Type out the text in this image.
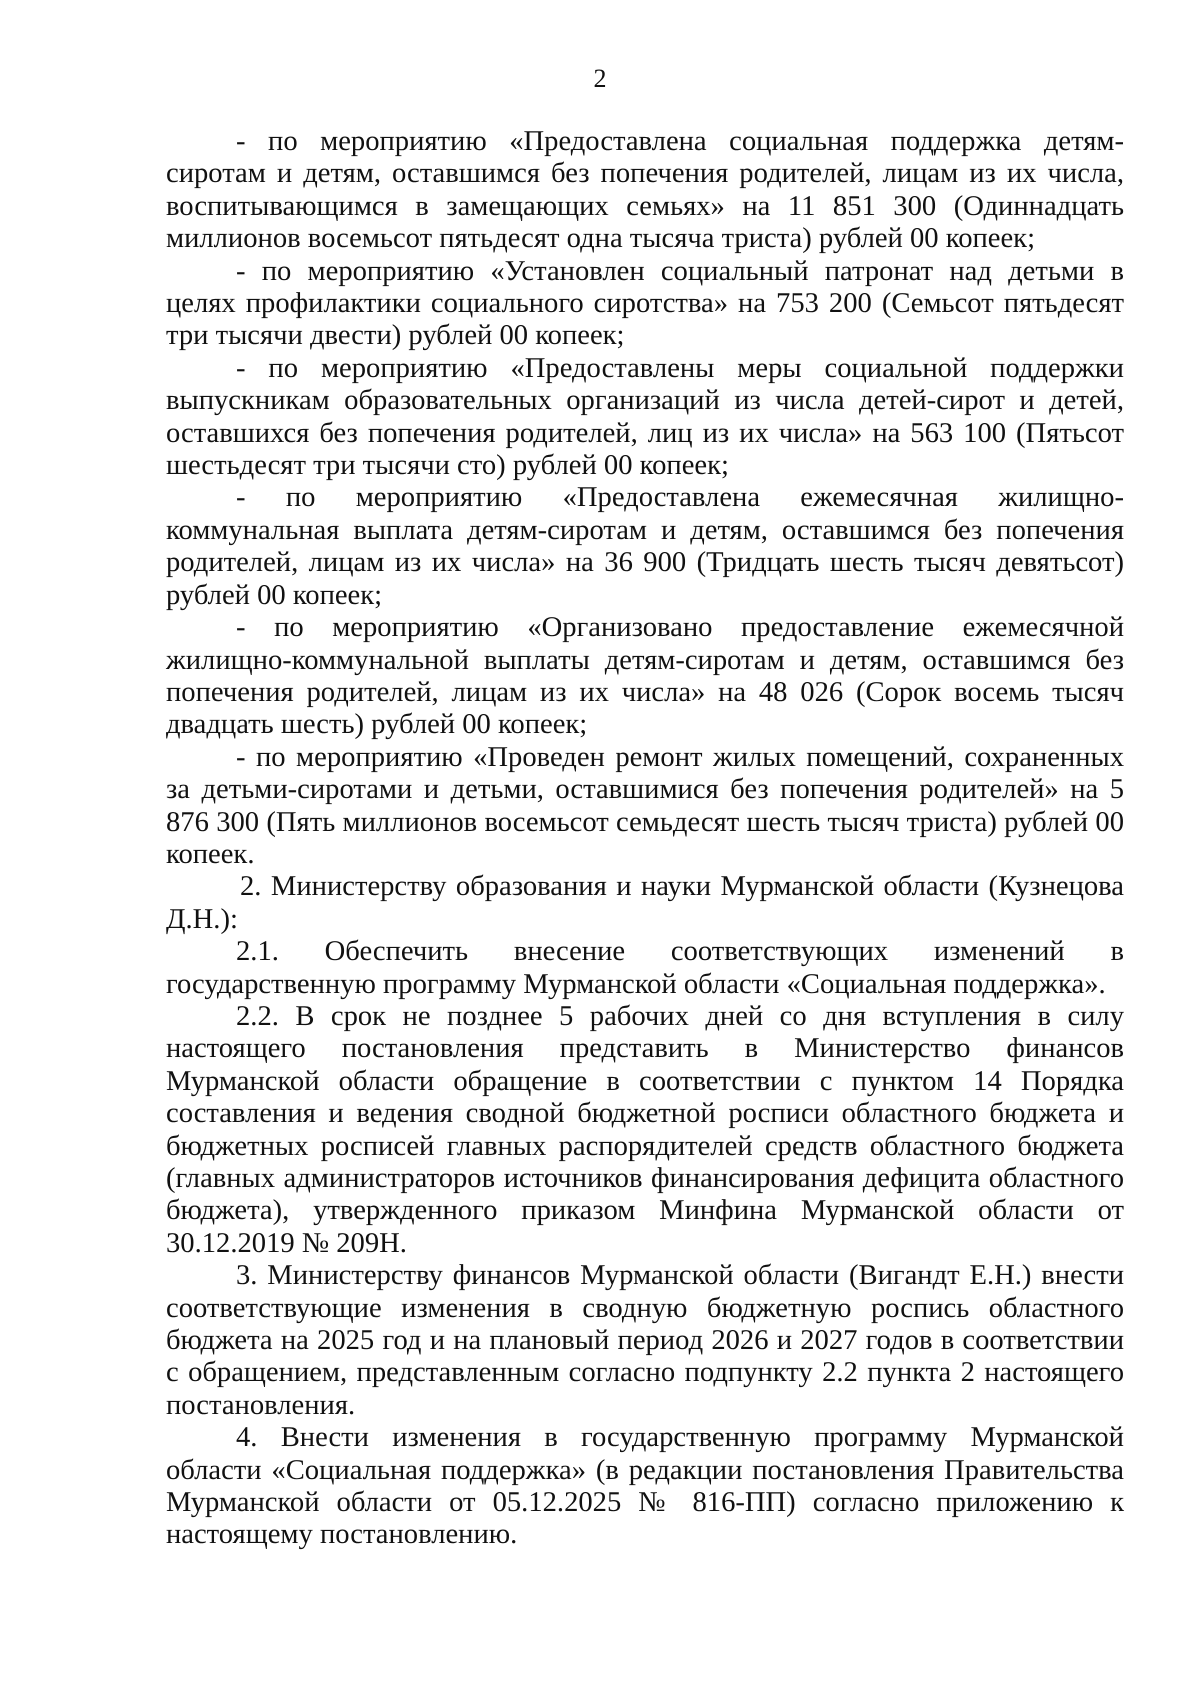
2

- по мероприятию «Предоставлена социальная поддержка детям-сиротам и детям, оставшимся без попечения родителей, лицам из их числа, воспитывающимся в замещающих семьях» на 11 851 300 (Одиннадцать миллионов восемьсот пятьдесят одна тысяча триста) рублей 00 копеек;

- по мероприятию «Установлен социальный патронат над детьми в целях профилактики социального сиротства» на 753 200 (Семьсот пятьдесят три тысячи двести) рублей 00 копеек;

- по мероприятию «Предоставлены меры социальной поддержки выпускникам образовательных организаций из числа детей-сирот и детей, оставшихся без попечения родителей, лиц из их числа» на 563 100 (Пятьсот шестьдесят три тысячи сто) рублей 00 копеек;

- по мероприятию «Предоставлена ежемесячная жилищно-коммунальная выплата детям-сиротам и детям, оставшимся без попечения родителей, лицам из их числа» на 36 900 (Тридцать шесть тысяч девятьсот) рублей 00 копеек;

- по мероприятию «Организовано предоставление ежемесячной жилищно-коммунальной выплаты детям-сиротам и детям, оставшимся без попечения родителей, лицам из их числа» на 48 026 (Сорок восемь тысяч двадцать шесть) рублей 00 копеек;

- по мероприятию «Проведен ремонт жилых помещений, сохраненных за детьми-сиротами и детьми, оставшимися без попечения родителей» на 5 876 300 (Пять миллионов восемьсот семьдесят шесть тысяч триста) рублей 00 копеек.

2. Министерству образования и науки Мурманской области (Кузнецова Д.Н.):

2.1. Обеспечить внесение соответствующих изменений в государственную программу Мурманской области «Социальная поддержка».

2.2. В срок не позднее 5 рабочих дней со дня вступления в силу настоящего постановления представить в Министерство финансов Мурманской области обращение в соответствии с пунктом 14 Порядка составления и ведения сводной бюджетной росписи областного бюджета и бюджетных росписей главных распорядителей средств областного бюджета (главных администраторов источников финансирования дефицита областного бюджета), утвержденного приказом Минфина Мурманской области от 30.12.2019 № 209Н.

3. Министерству финансов Мурманской области (Вигандт Е.Н.) внести соответствующие изменения в сводную бюджетную роспись областного бюджета на 2025 год и на плановый период 2026 и 2027 годов в соответствии с обращением, представленным согласно подпункту 2.2 пункта 2 настоящего постановления.

4. Внести изменения в государственную программу Мурманской области «Социальная поддержка» (в редакции постановления Правительства Мурманской области от 05.12.2025 № 816-ПП) согласно приложению к настоящему постановлению.
